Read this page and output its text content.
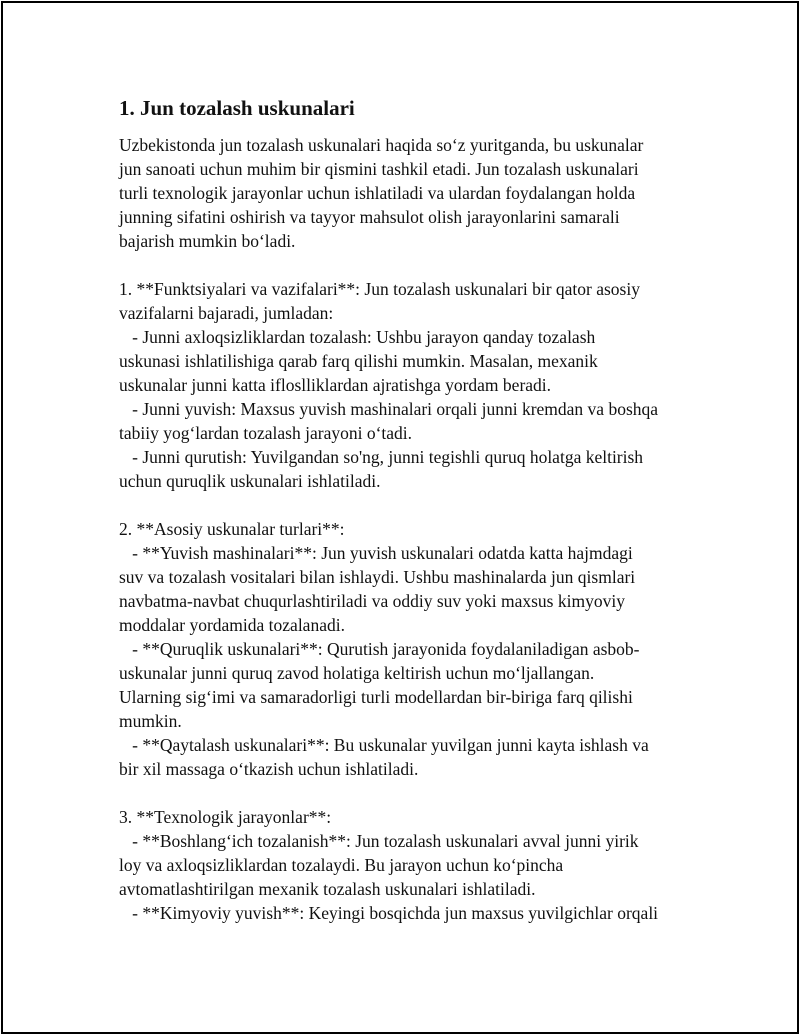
1. Jun tozalash uskunalari
Uzbekistonda jun tozalash uskunalari haqida so‘z yuritganda, bu uskunalar
jun sanoati uchun muhim bir qismini tashkil etadi. Jun tozalash uskunalari
turli texnologik jarayonlar uchun ishlatiladi va ulardan foydalangan holda
junning sifatini oshirish va tayyor mahsulot olish jarayonlarini samarali
bajarish mumkin bo‘ladi.
1. **Funktsiyalari va vazifalari**: Jun tozalash uskunalari bir qator asosiy
vazifalarni bajaradi, jumladan:
- Junni axloqsizliklardan tozalash: Ushbu jarayon qanday tozalash
uskunasi ishlatilishiga qarab farq qilishi mumkin. Masalan, mexanik
uskunalar junni katta ifloslliklardan ajratishga yordam beradi.
- Junni yuvish: Maxsus yuvish mashinalari orqali junni kremdan va boshqa
tabiiy yog‘lardan tozalash jarayoni o‘tadi.
- Junni qurutish: Yuvilgandan so'ng, junni tegishli quruq holatga keltirish
uchun quruqlik uskunalari ishlatiladi.
2. **Asosiy uskunalar turlari**:
- **Yuvish mashinalari**: Jun yuvish uskunalari odatda katta hajmdagi
suv va tozalash vositalari bilan ishlaydi. Ushbu mashinalarda jun qismlari
navbatma-navbat chuqurlashtiriladi va oddiy suv yoki maxsus kimyoviy
moddalar yordamida tozalanadi.
- **Quruqlik uskunalari**: Qurutish jarayonida foydalaniladigan asbob-
uskunalar junni quruq zavod holatiga keltirish uchun mo‘ljallangan.
Ularning sig‘imi va samaradorligi turli modellardan bir-biriga farq qilishi
mumkin.
- **Qaytalash uskunalari**: Bu uskunalar yuvilgan junni kayta ishlash va
bir xil massaga o‘tkazish uchun ishlatiladi.
3. **Texnologik jarayonlar**:
- **Boshlang‘ich tozalanish**: Jun tozalash uskunalari avval junni yirik
loy va axloqsizliklardan tozalaydi. Bu jarayon uchun ko‘pincha
avtomatlashtirilgan mexanik tozalash uskunalari ishlatiladi.
- **Kimyoviy yuvish**: Keyingi bosqichda jun maxsus yuvilgichlar orqali
